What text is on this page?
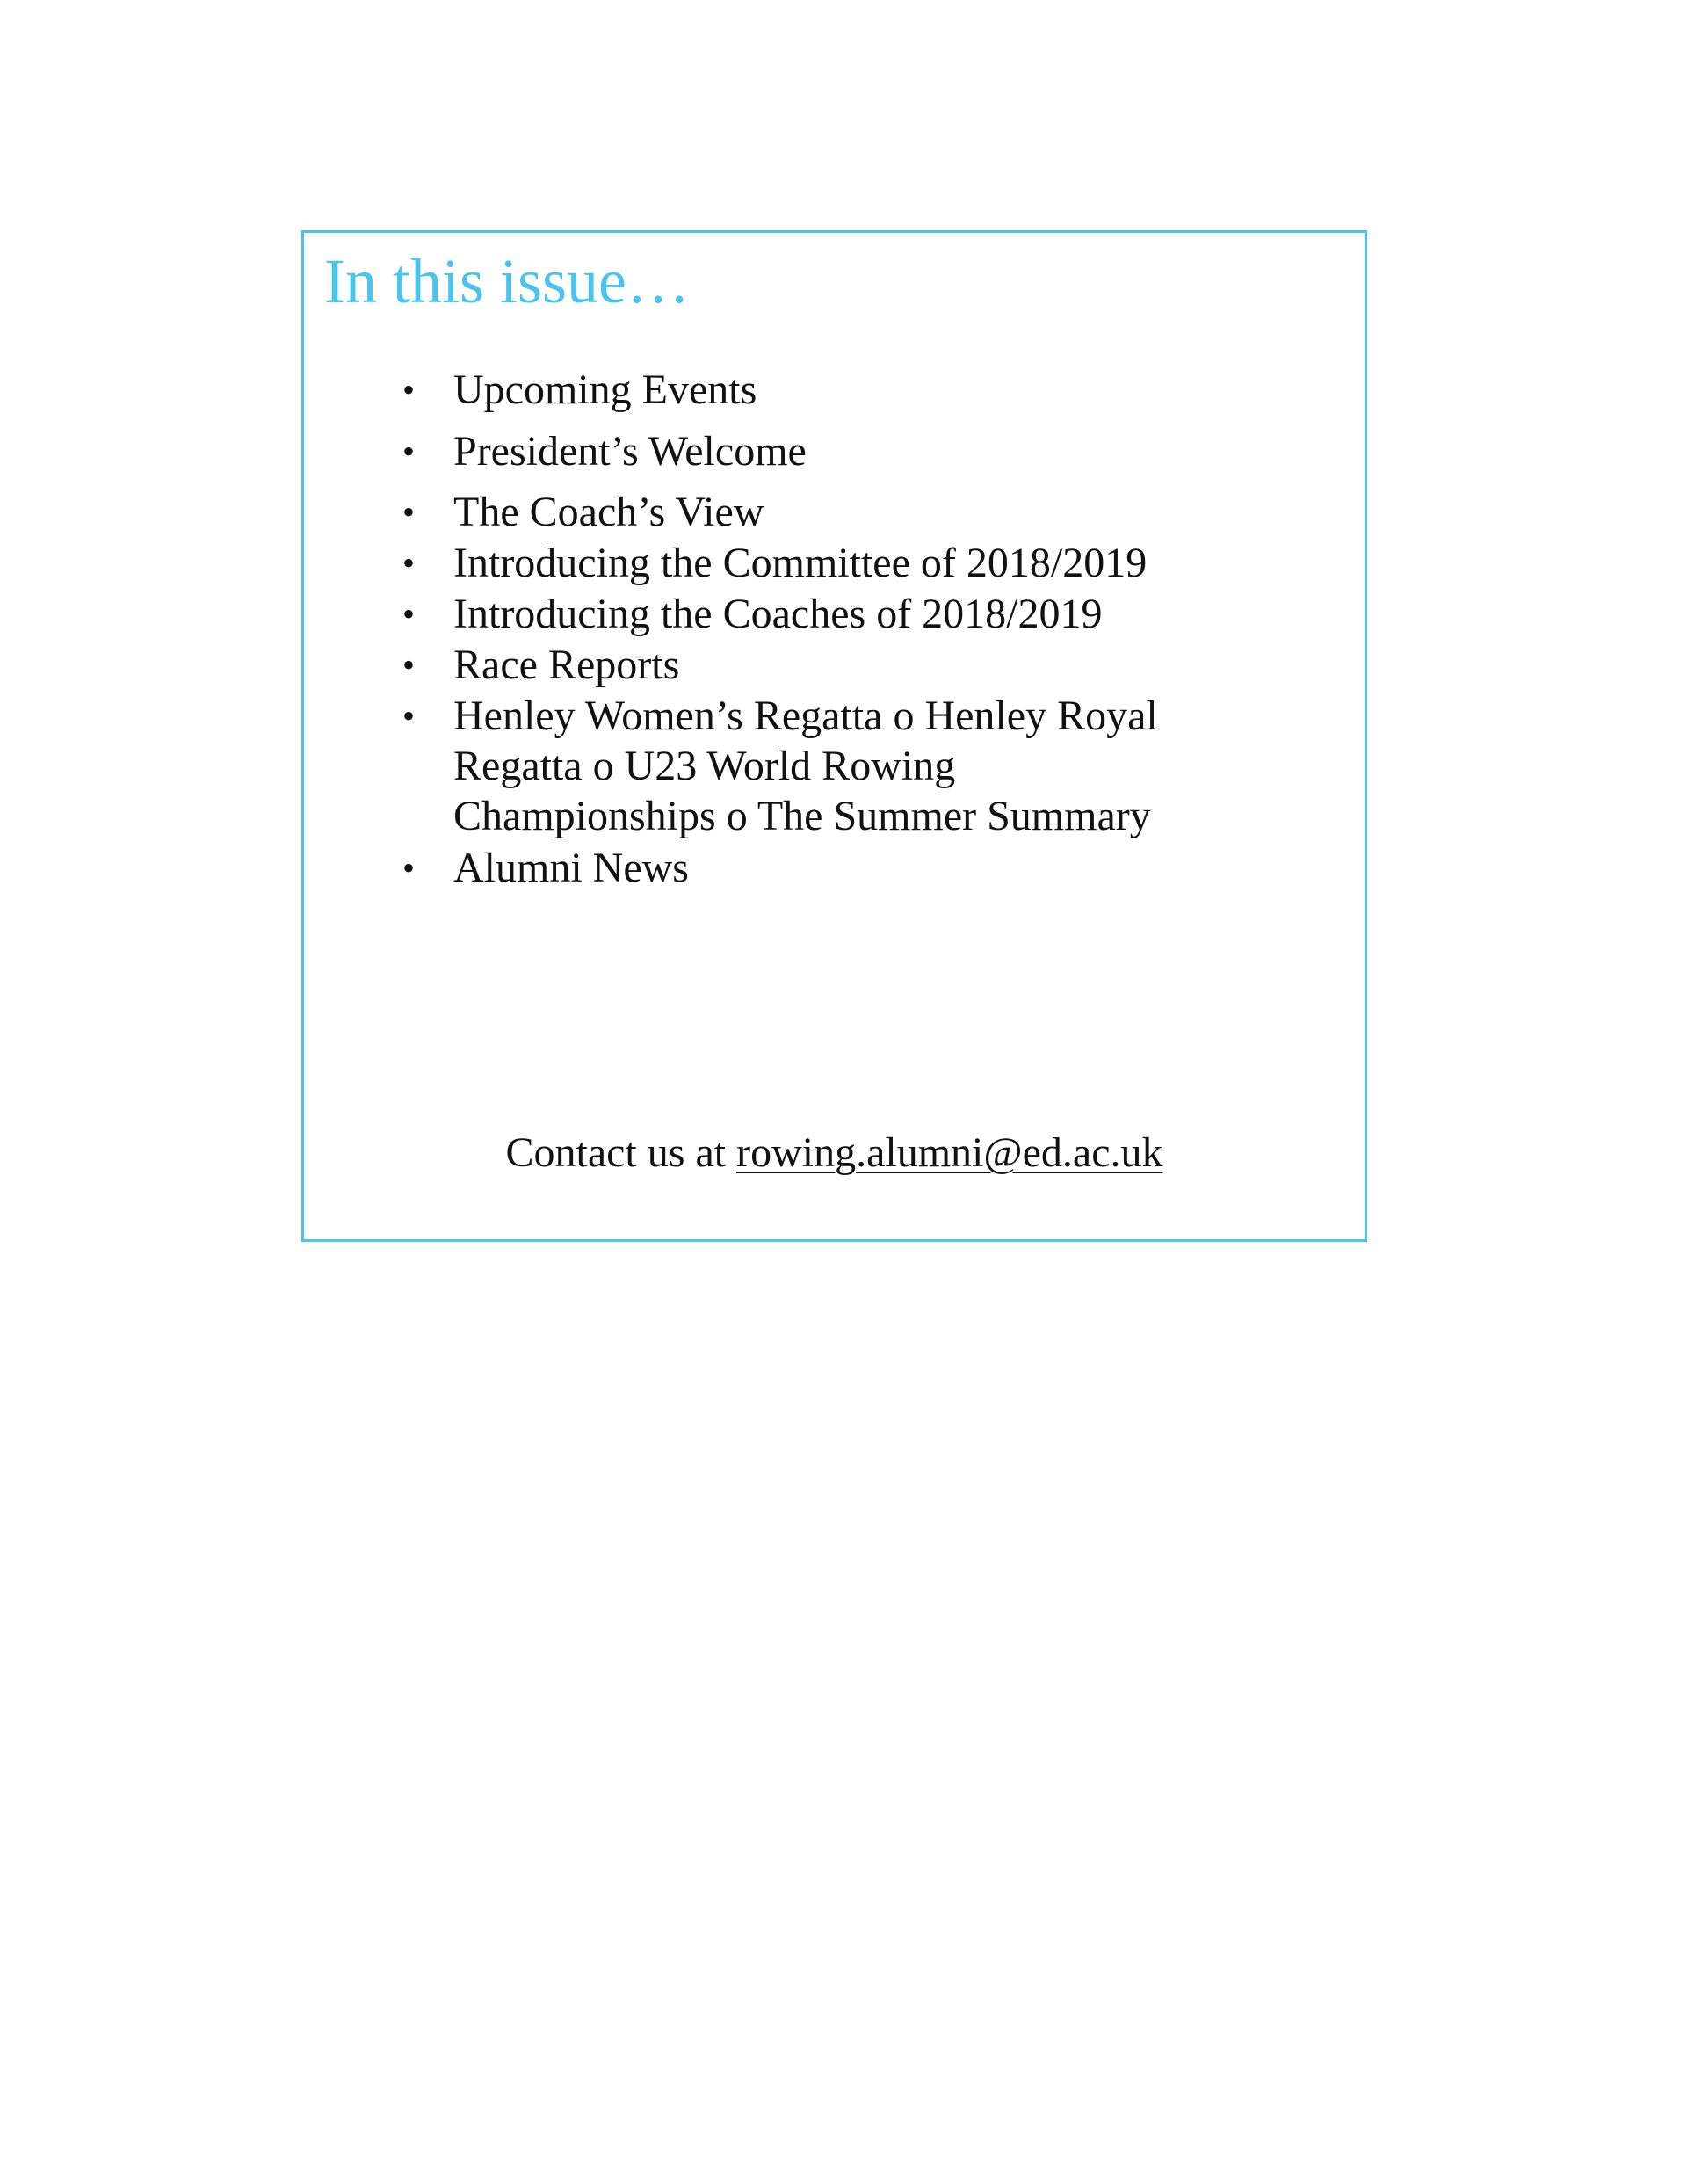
In this issue…
• Upcoming Events
• President’s Welcome
• The Coach’s View
• Introducing the Committee of 2018/2019
• Introducing the Coaches of 2018/2019
• Race Reports
• Henley Women’s Regatta o Henley Royal Regatta o U23 World Rowing Championships o The Summer Summary
• Alumni News
Contact us at rowing.alumni@ed.ac.uk
